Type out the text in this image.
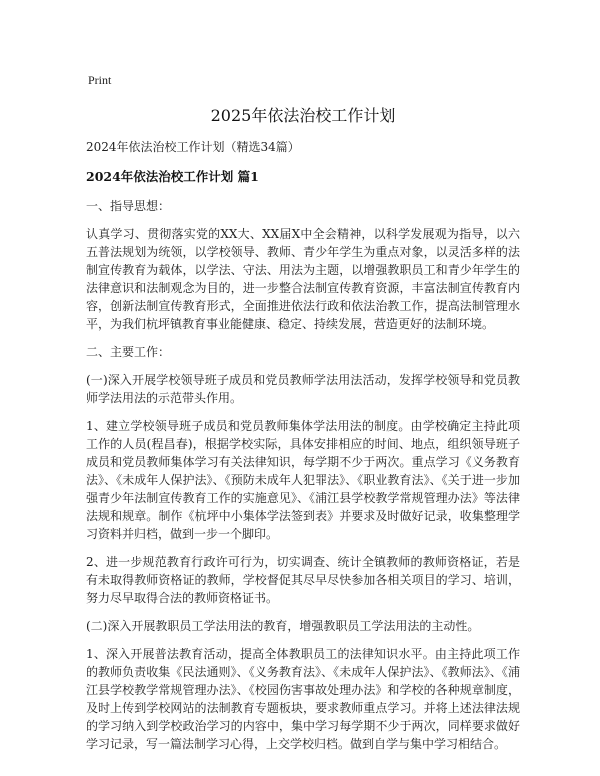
Print
2025年依法治校工作计划
2024年依法治校工作计划（精选34篇）
2024年依法治校工作计划 篇1

一、指导思想：

认真学习、贯彻落实党的XX大、XX届X中全会精神，以科学发展观为指导，以六五普法规划为统领，以学校领导、教师、青少年学生为重点对象，以灵活多样的法制宣传教育为载体，以学法、守法、用法为主题，以增强教职员工和青少年学生的法律意识和法制观念为目的，进一步整合法制宣传教育资源，丰富法制宣传教育内容，创新法制宣传教育形式，全面推进依法行政和依法治教工作，提高法制管理水平，为我们杭坪镇教育事业能健康、稳定、持续发展，营造更好的法制环境。

二、主要工作：

(一)深入开展学校领导班子成员和党员教师学法用法活动，发挥学校领导和党员教师学法用法的示范带头作用。

1、建立学校领导班子成员和党员教师集体学法用法的制度。由学校确定主持此项工作的人员(程昌春)，根据学校实际，具体安排相应的时间、地点，组织领导班子成员和党员教师集体学习有关法律知识，每学期不少于两次。重点学习《义务教育法》、《未成年人保护法》、《预防未成年人犯罪法》、《职业教育法》、《关于进一步加强青少年法制宣传教育工作的实施意见》、《浦江县学校教学常规管理办法》等法律法规和规章。制作《杭坪中小集体学法签到表》并要求及时做好记录，收集整理学习资料并归档，做到一步一个脚印。

2、进一步规范教育行政许可行为，切实调查、统计全镇教师的教师资格证，若是有未取得教师资格证的教师，学校督促其尽早尽快参加各相关项目的学习、培训，努力尽早取得合法的教师资格证书。

(二)深入开展教职员工学法用法的教育，增强教职员工学法用法的主动性。

1、深入开展普法教育活动，提高全体教职员工的法律知识水平。由主持此项工作的教师负责收集《民法通则》、《义务教育法》、《未成年人保护法》、《教师法》、《浦江县学校教学常规管理办法》、《校园伤害事故处理办法》和学校的各种规章制度，及时上传到学校网站的法制教育专题板块，要求教师重点学习。并将上述法律法规的学习纳入到学校政治学习的内容中，集中学习每学期不少于两次，同样要求做好学习记录，写一篇法制学习心得，上交学校归档。做到自学与集中学习相结合。
